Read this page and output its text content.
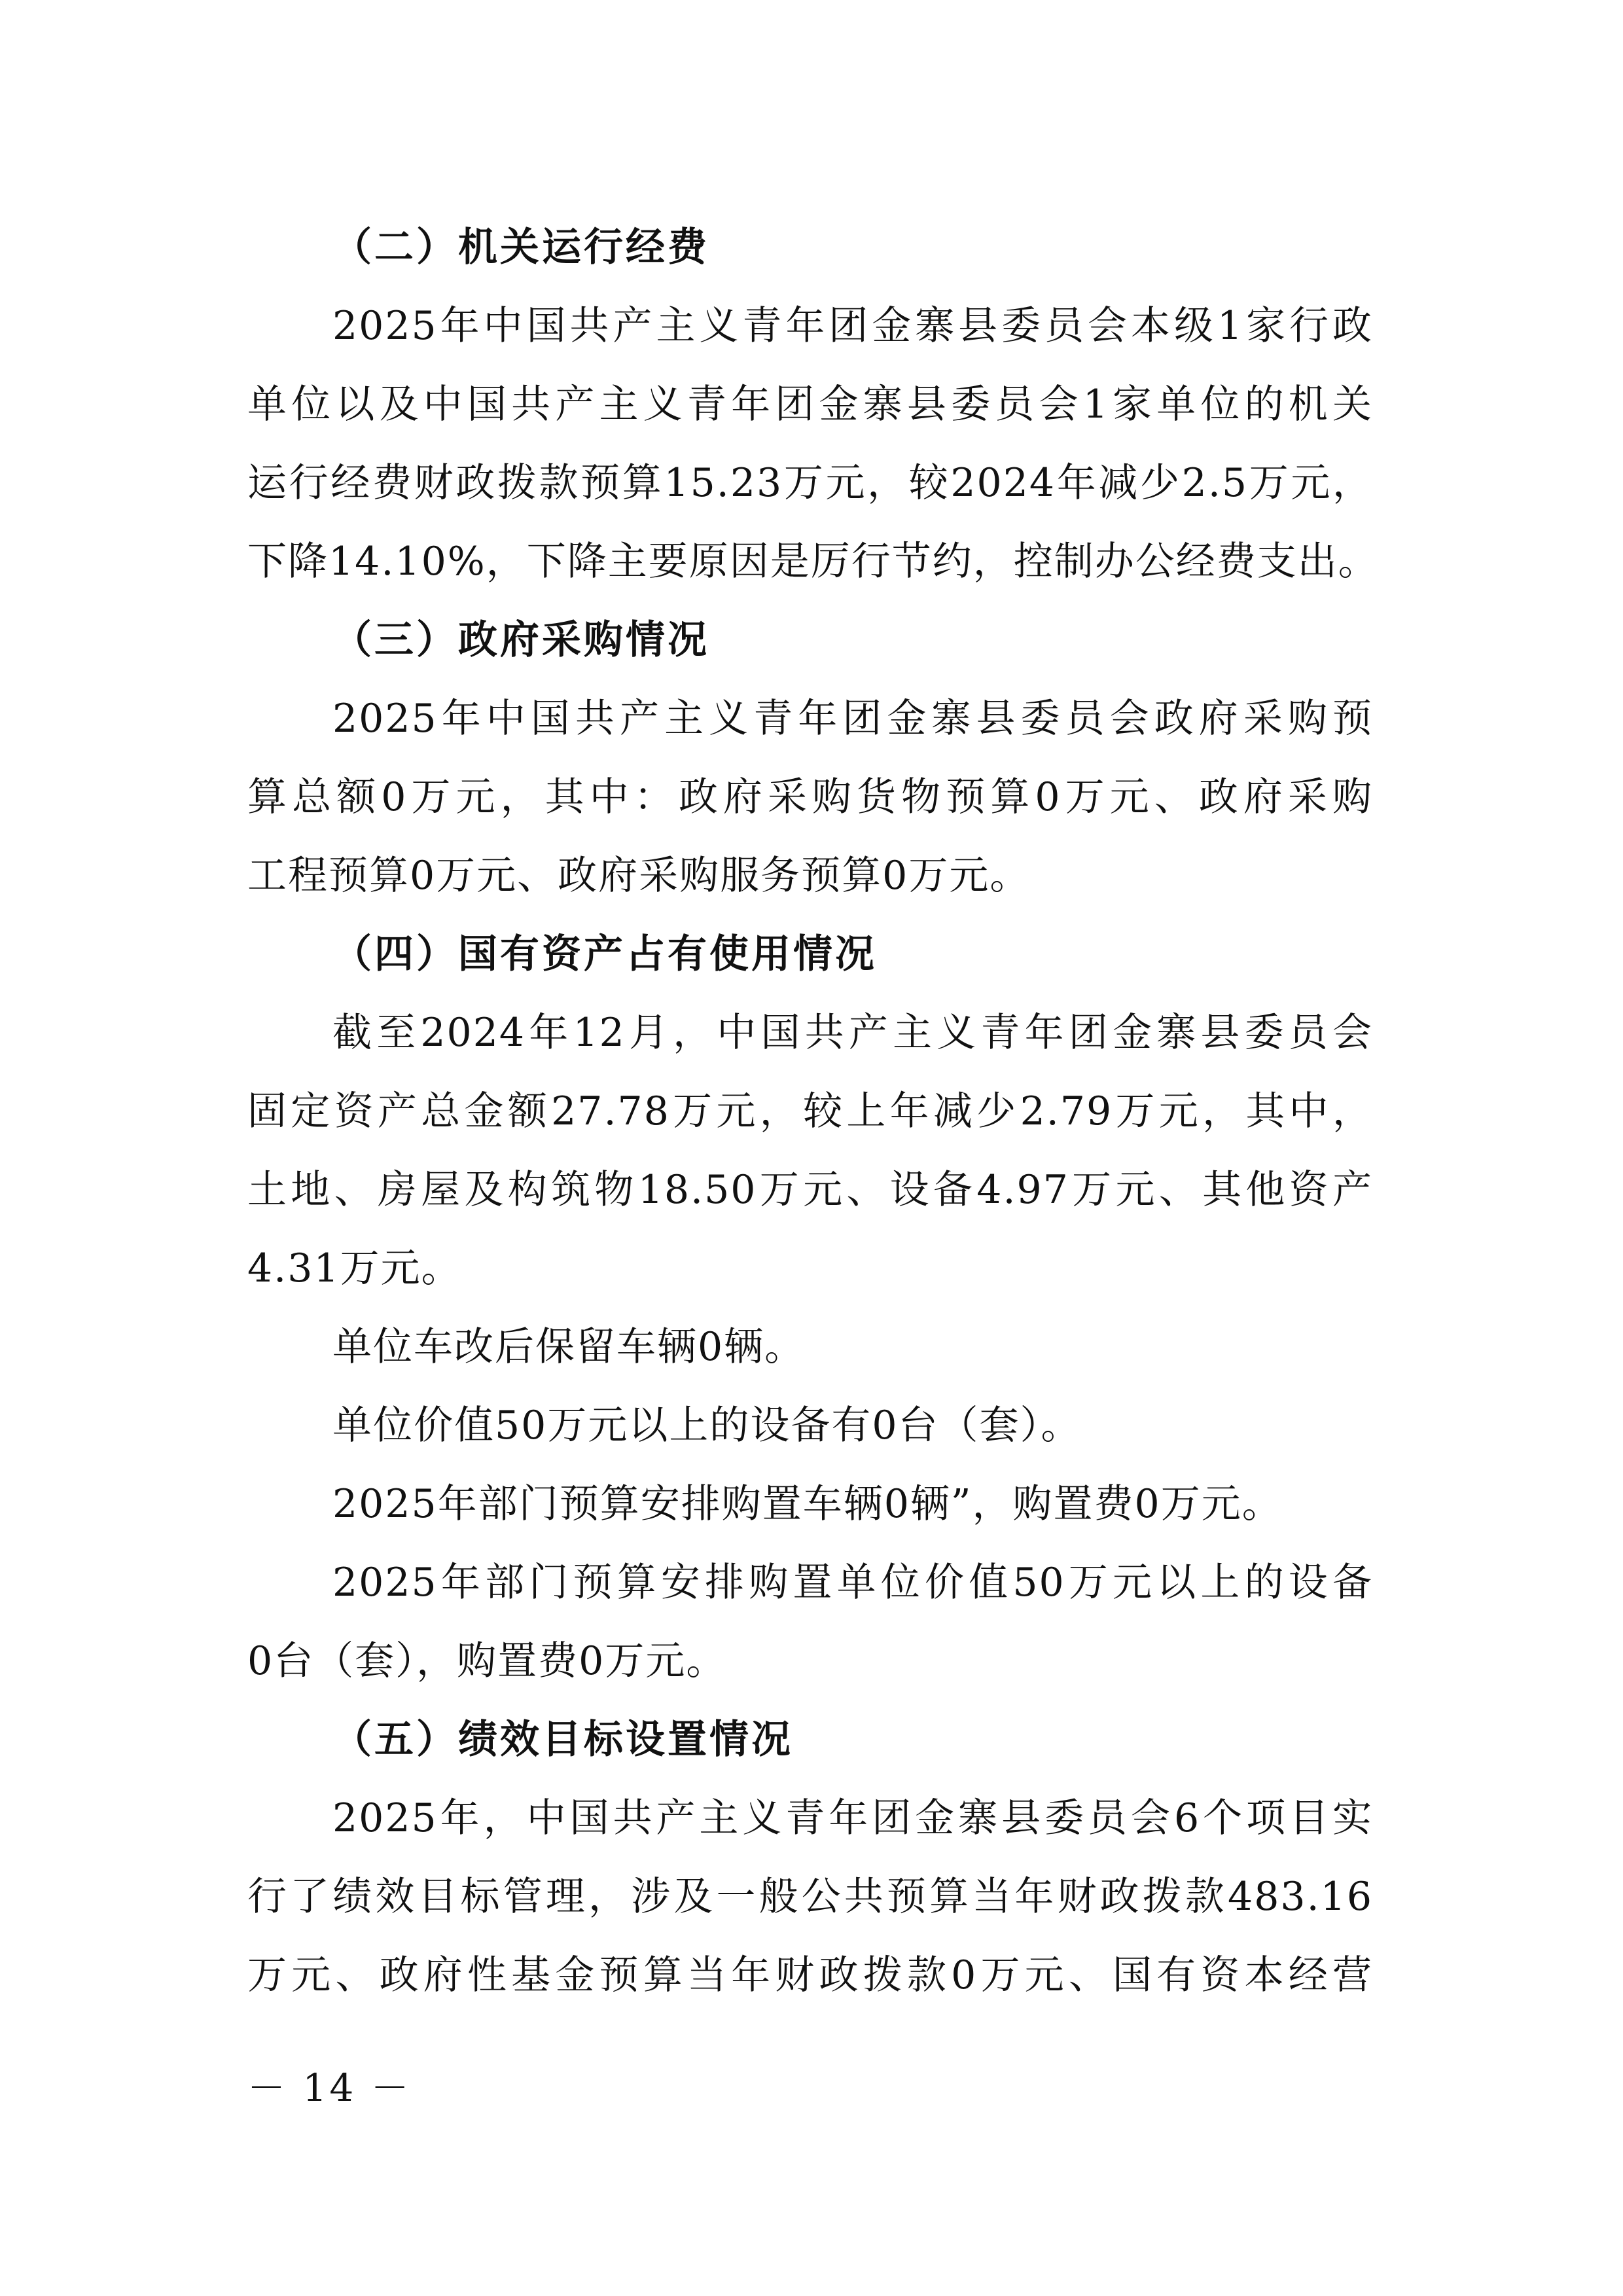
（二）机关运行经费
2025年中国共产主义青年团金寨县委员会本级1家行政
单位以及中国共产主义青年团金寨县委员会1家单位的机关
运行经费财政拨款预算15.23万元，较2024年减少2.5万元，
下降14.10%，下降主要原因是厉行节约，控制办公经费支出。
（三）政府采购情况
2025年中国共产主义青年团金寨县委员会政府采购预
算总额0万元，其中：政府采购货物预算0万元、政府采购
工程预算0万元、政府采购服务预算0万元。
（四）国有资产占有使用情况
截至2024年12月，中国共产主义青年团金寨县委员会
固定资产总金额27.78万元，较上年减少2.79万元，其中，
土地、房屋及构筑物18.50万元、设备4.97万元、其他资产
4.31万元。
单位车改后保留车辆0辆。
单位价值50万元以上的设备有0台（套）。
2025年部门预算安排购置车辆0辆”，购置费0万元。
2025年部门预算安排购置单位价值50万元以上的设备
0台（套），购置费0万元。
（五）绩效目标设置情况
2025年，中国共产主义青年团金寨县委员会6个项目实
行了绩效目标管理，涉及一般公共预算当年财政拨款483.16
万元、政府性基金预算当年财政拨款0万元、国有资本经营
－ 14 －
